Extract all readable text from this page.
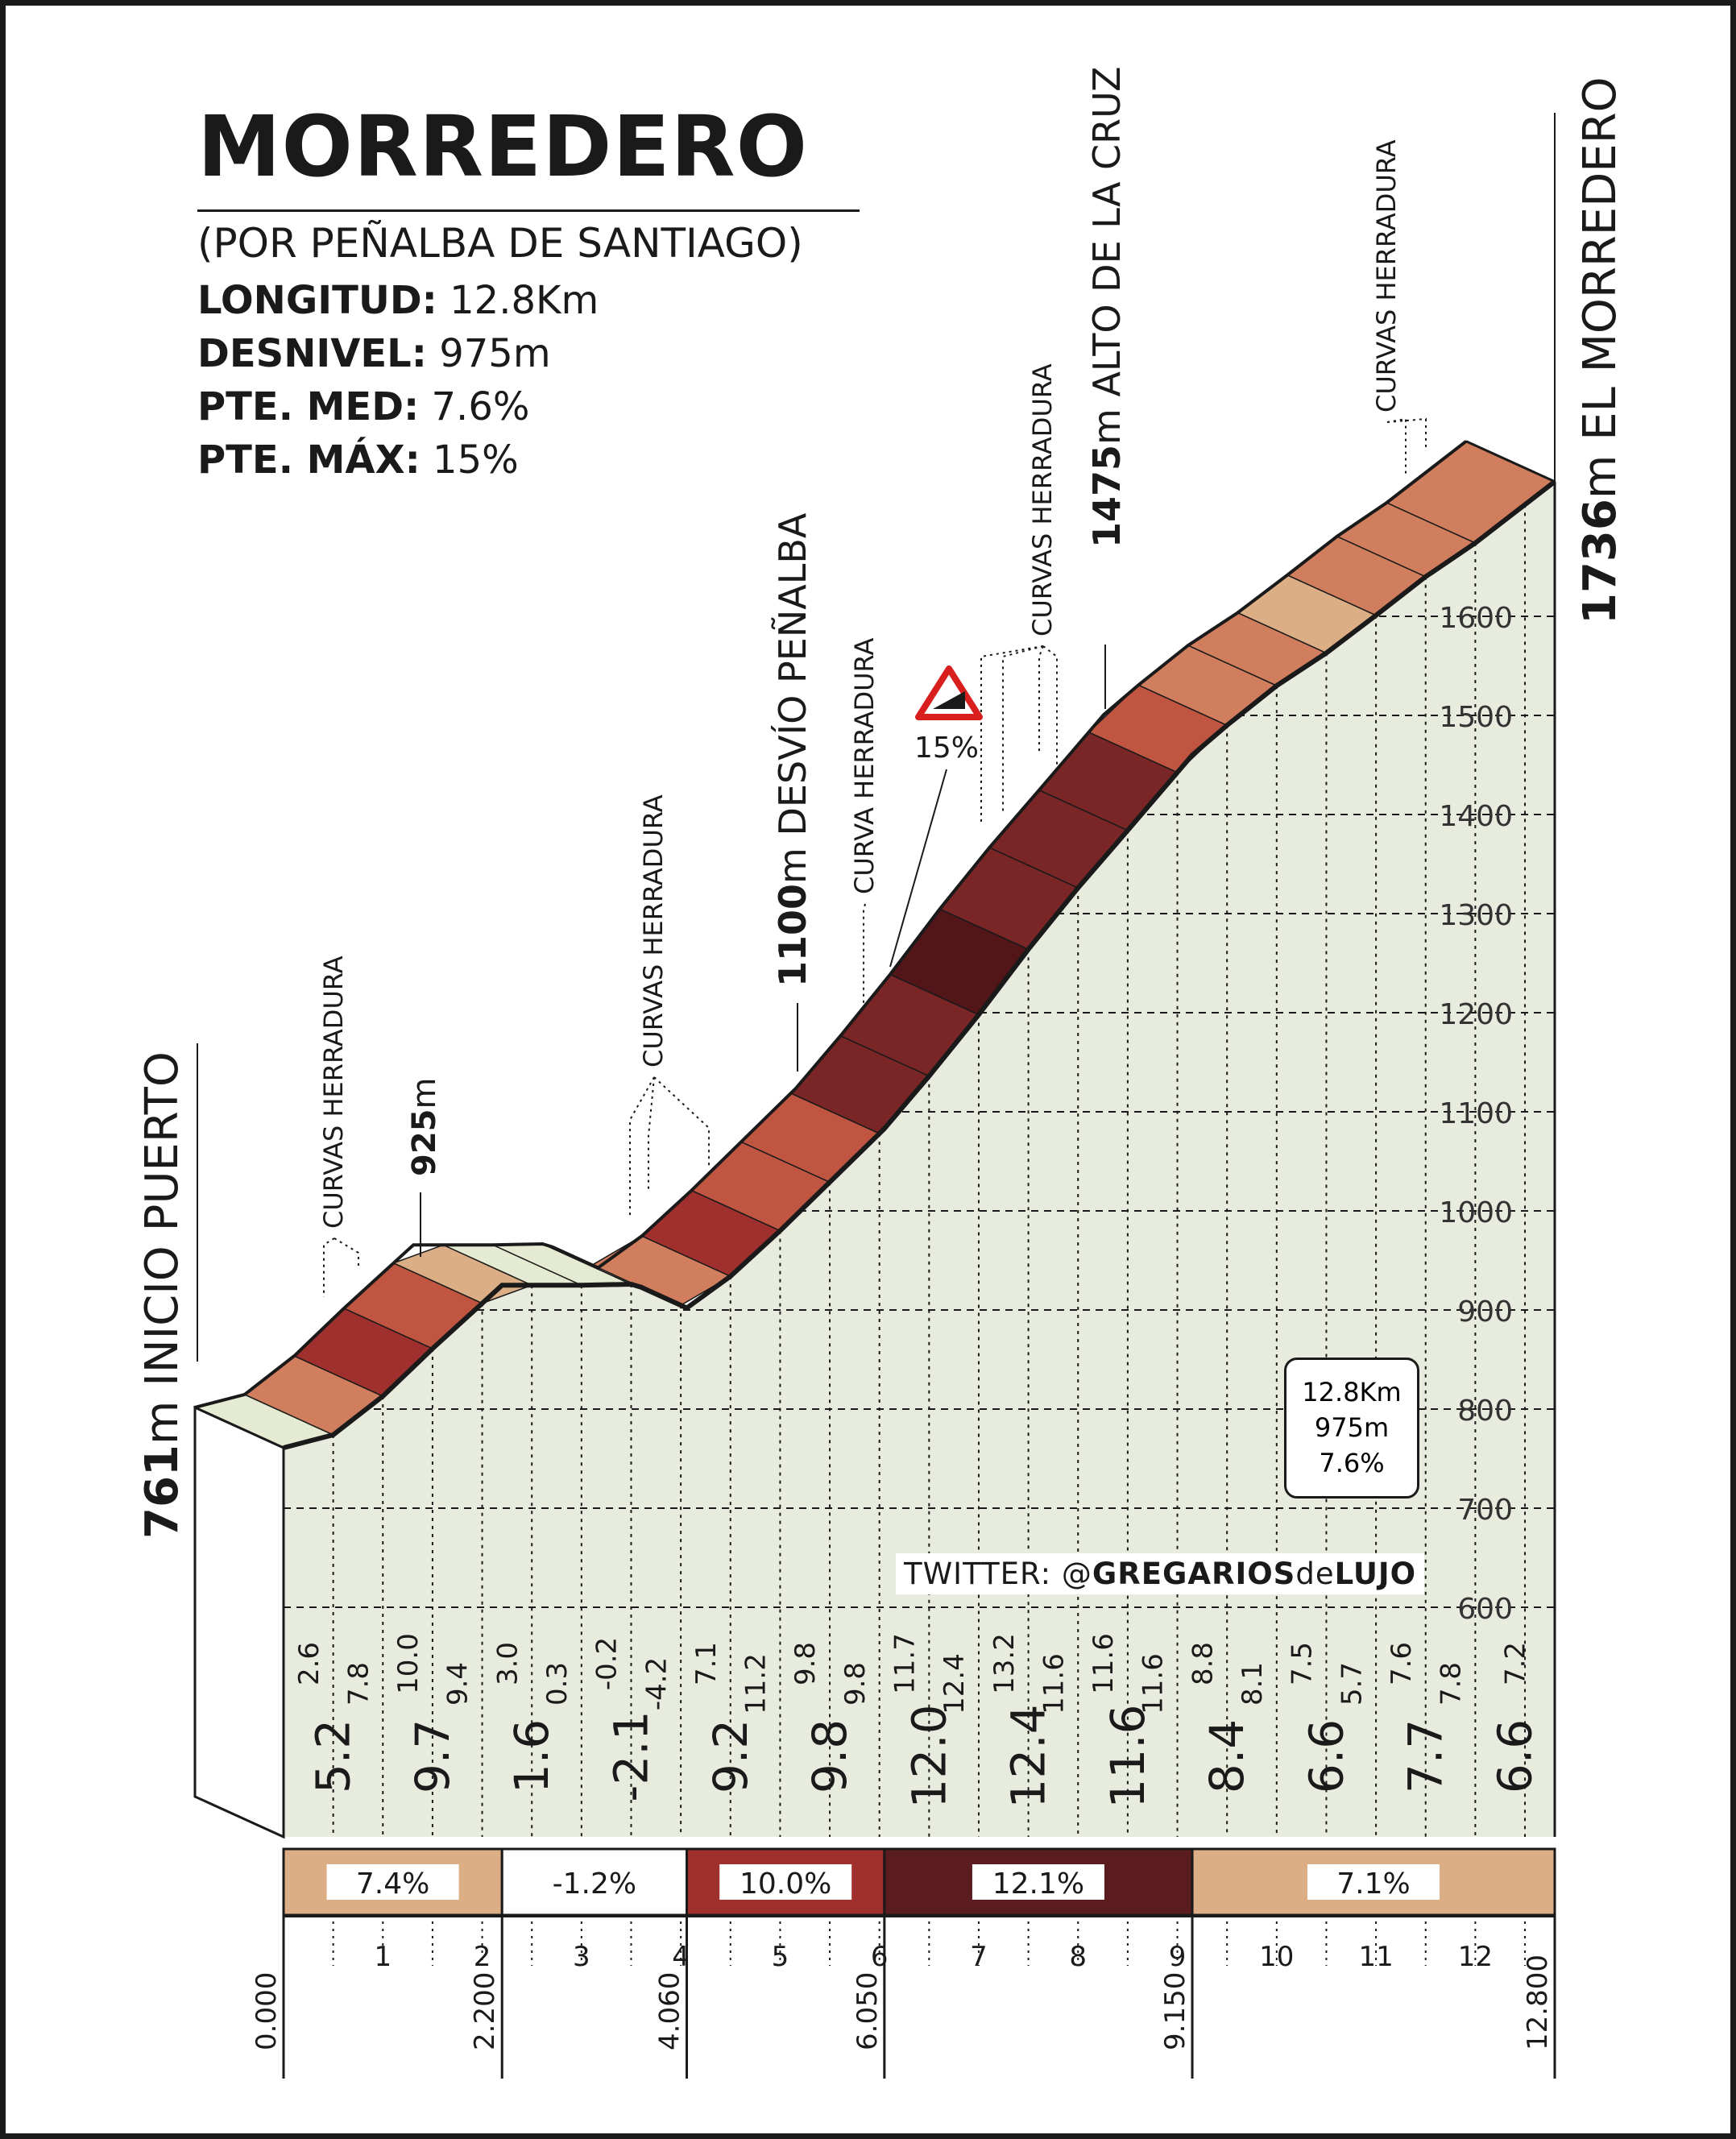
600
700
800
900
1000
1100
1200
1300
1400
1500
1600
2.6 7.8 10.0 9.4 3.0 0.3 -0.2 -4.2 7.1 11.2 9.8 9.8 11.7 12.4 13.2 11.6 11.6 11.6 8.8 8.1 7.5 5.7 7.6 7.8 7.2
5.2 9.7 1.6 -2.1 9.2 9.8 12.0 12.4 11.6 8.4 6.6 7.7 6.6
7.4%	-1.2%	10.0%	12.1%	7.1%
1	2	3	4	5	6	7	8	9	10 11 12
0.000	2.200	4.060	6.050	9.150	12.800
761m INICIO PUERTO
1736m EL MORREDERO
925m
1100m DESVÍO PEÑALBA
1475m ALTO DE LA CRUZ
CURVAS HERRADURA
CURVAS HERRADURA
CURVA HERRADURA
CURVAS HERRADURA
CURVAS HERRADURA
15%
MORREDERO
(POR PEÑALBA DE SANTIAGO)
LONGITUD: 12.8Km
DESNIVEL: 975m
PTE. MED: 7.6%
PTE. MÁX: 15%
12.8Km
975m
7.6%
TWITTER: @GREGARIOSdeLUJO
